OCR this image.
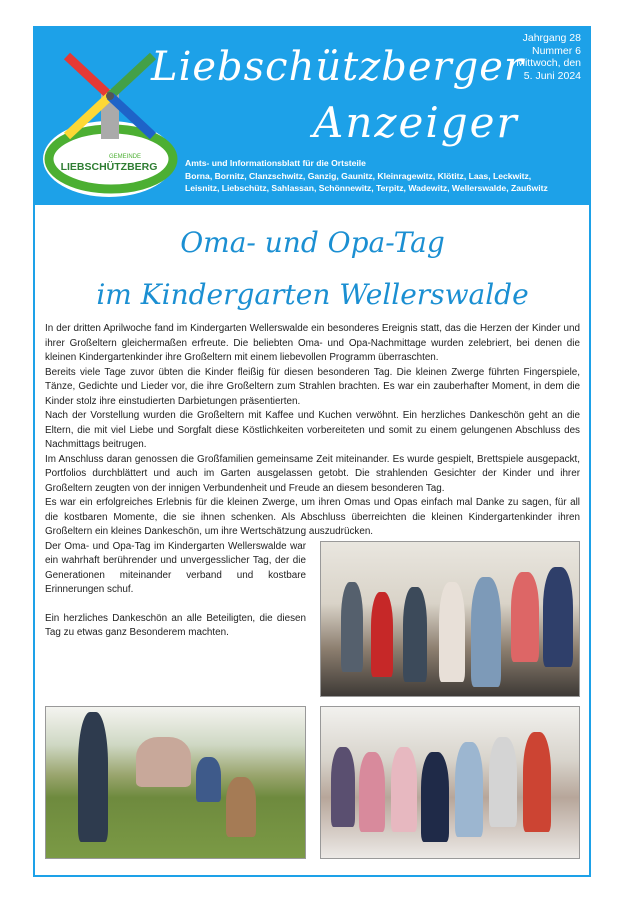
GEMEINDE
LIEBSCHÜTZBERG
Liebschützberger
Anzeiger
Jahrgang 28
Nummer 6
Mittwoch, den
5. Juni 2024
Amts- und Informationsblatt für die Ortsteile
Borna, Bornitz, Clanzschwitz, Ganzig, Gaunitz, Kleinragewitz, Klötitz, Laas, Leckwitz,
Leisnitz, Liebschütz, Sahlassan, Schönnewitz, Terpitz, Wadewitz, Wellerswalde, Zaußwitz
Oma- und Opa-Tag
im Kindergarten Wellerswalde

In der dritten Aprilwoche fand im Kindergarten Wellerswalde ein besonderes Ereignis statt, das die Herzen der Kinder und ihrer Großeltern gleichermaßen erfreute. Die beliebten Oma- und Opa-Nachmittage wurden zelebriert, bei denen die kleinen Kindergartenkinder ihre Großeltern mit einem liebevollen Programm überraschten.

Bereits viele Tage zuvor übten die Kinder fleißig für diesen besonderen Tag. Die kleinen Zwerge führten Fingerspiele, Tänze, Gedichte und Lieder vor, die ihre Großeltern zum Strahlen brachten. Es war ein zauberhafter Moment, in dem die Kinder stolz ihre einstudierten Darbietungen präsentierten.

Nach der Vorstellung wurden die Großeltern mit Kaffee und Kuchen verwöhnt. Ein herzliches Dankeschön geht an die Eltern, die mit viel Liebe und Sorgfalt diese Köstlichkeiten vorbereiteten und somit zu einem gelungenen Abschluss des Nachmittags beitrugen.

Im Anschluss daran genossen die Großfamilien gemeinsame Zeit miteinander. Es wurde gespielt, Brettspiele ausgepackt, Portfolios durchblättert und auch im Garten ausgelassen getobt. Die strahlenden Gesichter der Kinder und ihrer Großeltern zeugten von der innigen Verbundenheit und Freude an diesem besonderen Tag.

Es war ein erfolgreiches Erlebnis für die kleinen Zwerge, um ihren Omas und Opas einfach mal Danke zu sagen, für all die kostbaren Momente, die sie ihnen schenken. Als Abschluss überreichten die kleinen Kindergartenkinder ihren Großeltern ein kleines Dankeschön, um ihre Wertschätzung auszudrücken.

Der Oma- und Opa-Tag im Kindergarten Wellerswalde war ein wahrhaft berührender und unvergesslicher Tag, der die Generationen miteinander verband und kostbare Erinnerungen schuf.

Ein herzliches Dankeschön an alle Beteiligten, die diesen Tag zu etwas ganz Besonderem machten.
